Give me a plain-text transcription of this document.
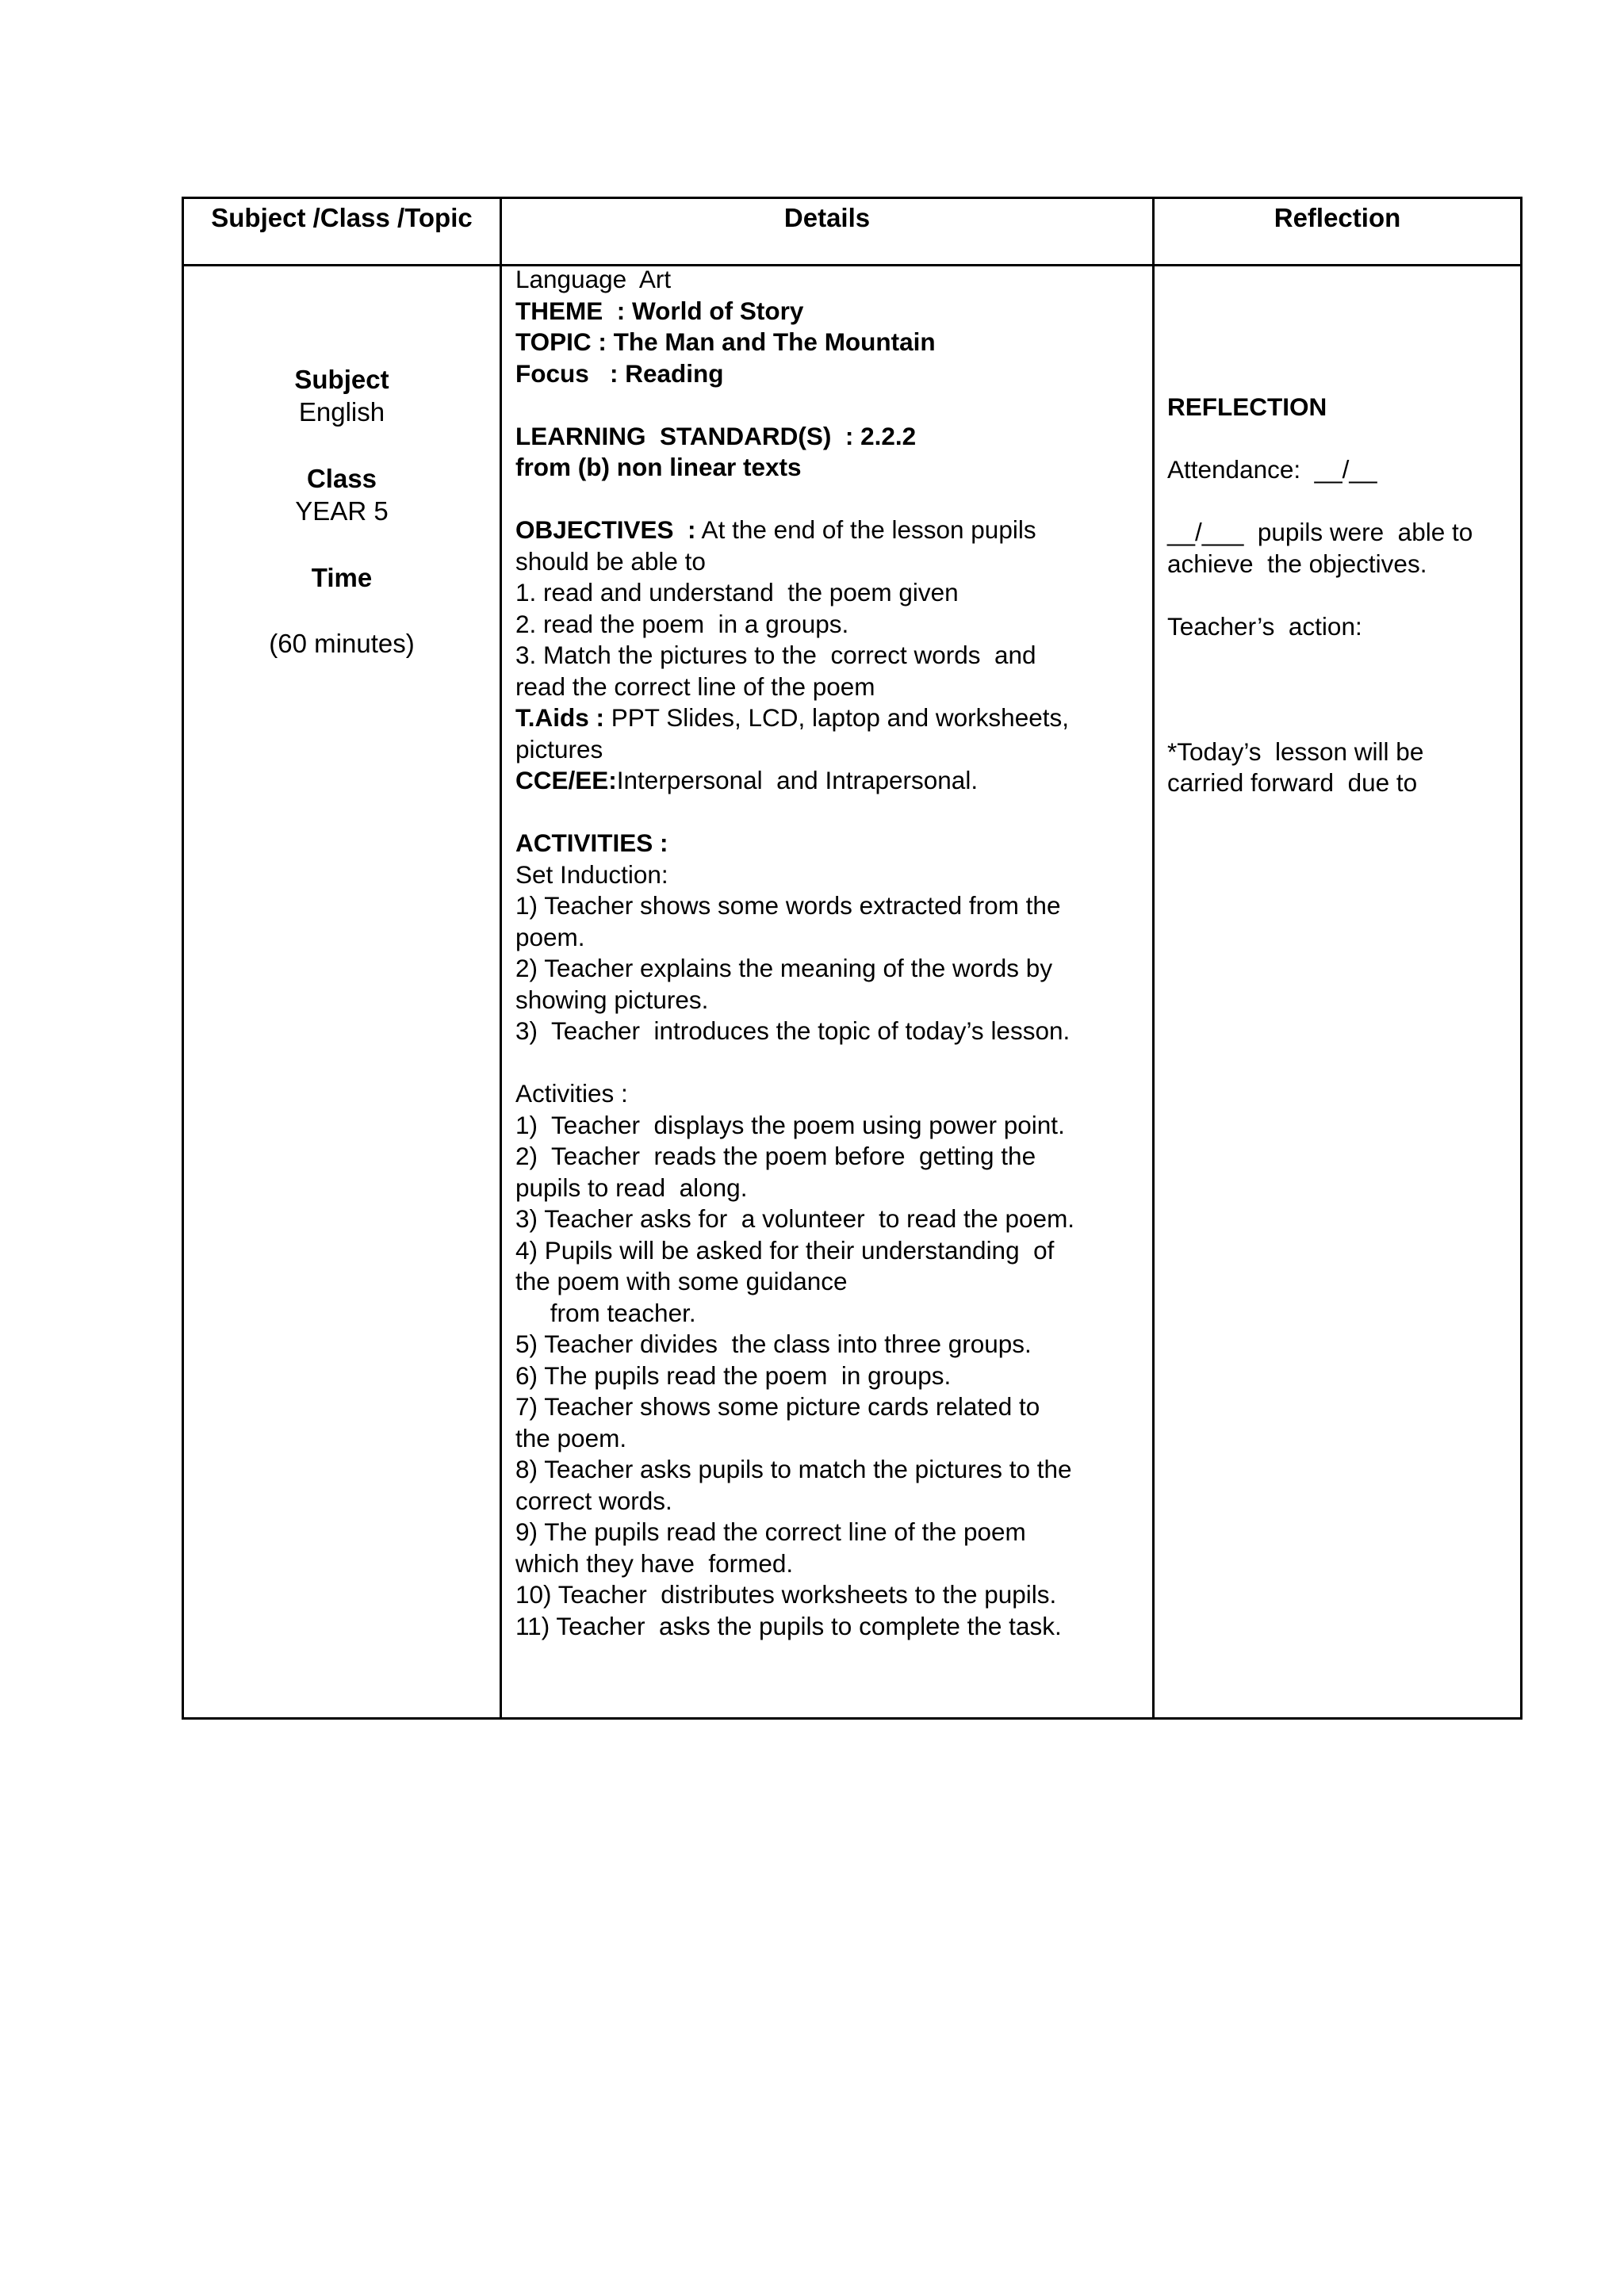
Subject /Class /Topic	Details	Reflection
Subject
English
Class
YEAR 5
Time
(60 minutes)
Language  Art
THEME  : World of Story
TOPIC : The Man and The Mountain
Focus   : Reading
LEARNING  STANDARD(S)  : 2.2.2
from (b) non linear texts
OBJECTIVES  : At the end of the lesson pupils
should be able to
1. read and understand  the poem given
2. read the poem  in a groups.
3. Match the pictures to the  correct words  and
read the correct line of the poem
T.Aids : PPT Slides, LCD, laptop and worksheets,
pictures
CCE/EE:Interpersonal  and Intrapersonal.
ACTIVITIES :
Set Induction:
1) Teacher shows some words extracted from the
poem.
2) Teacher explains the meaning of the words by
showing pictures.
3)  Teacher  introduces the topic of today’s lesson.
Activities :
1)  Teacher  displays the poem using power point.
2)  Teacher  reads the poem before  getting the
pupils to read  along.
3) Teacher asks for  a volunteer  to read the poem.
4) Pupils will be asked for their understanding  of
the poem with some guidance
from teacher.
5) Teacher divides  the class into three groups.
6) The pupils read the poem  in groups.
7) Teacher shows some picture cards related to
the poem.
8) Teacher asks pupils to match the pictures to the
correct words.
9) The pupils read the correct line of the poem
which they have  formed.
10) Teacher  distributes worksheets to the pupils.
11) Teacher  asks the pupils to complete the task.
REFLECTION
Attendance:  __/__
__/___  pupils were  able to
achieve  the objectives.
Teacher’s  action:
*Today’s  lesson will be
carried forward  due to
